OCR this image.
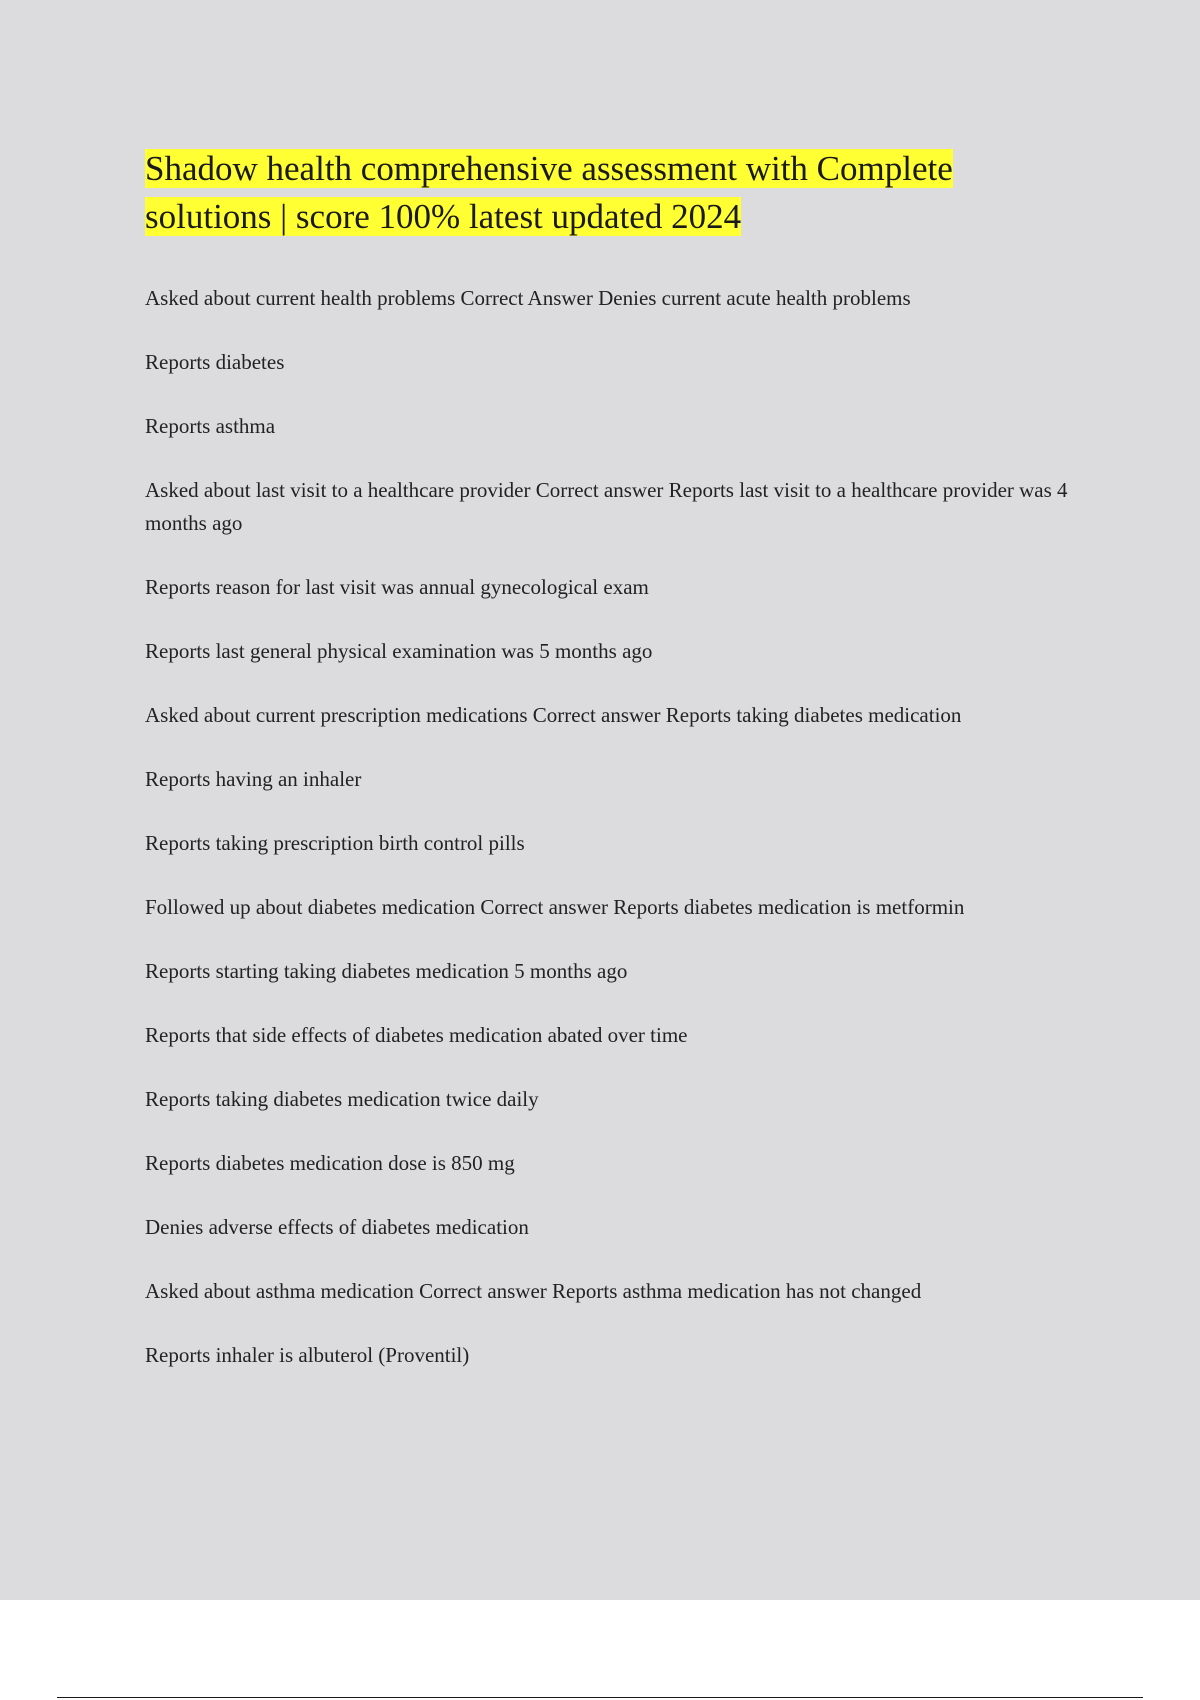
Shadow health comprehensive assessment with Complete
solutions | score 100% latest updated 2024

Asked about current health problems Correct Answer Denies current acute health problems

Reports diabetes

Reports asthma

Asked about last visit to a healthcare provider Correct answer Reports last visit to a healthcare provider was 4 months ago

Reports reason for last visit was annual gynecological exam

Reports last general physical examination was 5 months ago

Asked about current prescription medications Correct answer Reports taking diabetes medication

Reports having an inhaler

Reports taking prescription birth control pills

Followed up about diabetes medication Correct answer Reports diabetes medication is metformin

Reports starting taking diabetes medication 5 months ago

Reports that side effects of diabetes medication abated over time

Reports taking diabetes medication twice daily

Reports diabetes medication dose is 850 mg

Denies adverse effects of diabetes medication

Asked about asthma medication Correct answer Reports asthma medication has not changed

Reports inhaler is albuterol (Proventil)
